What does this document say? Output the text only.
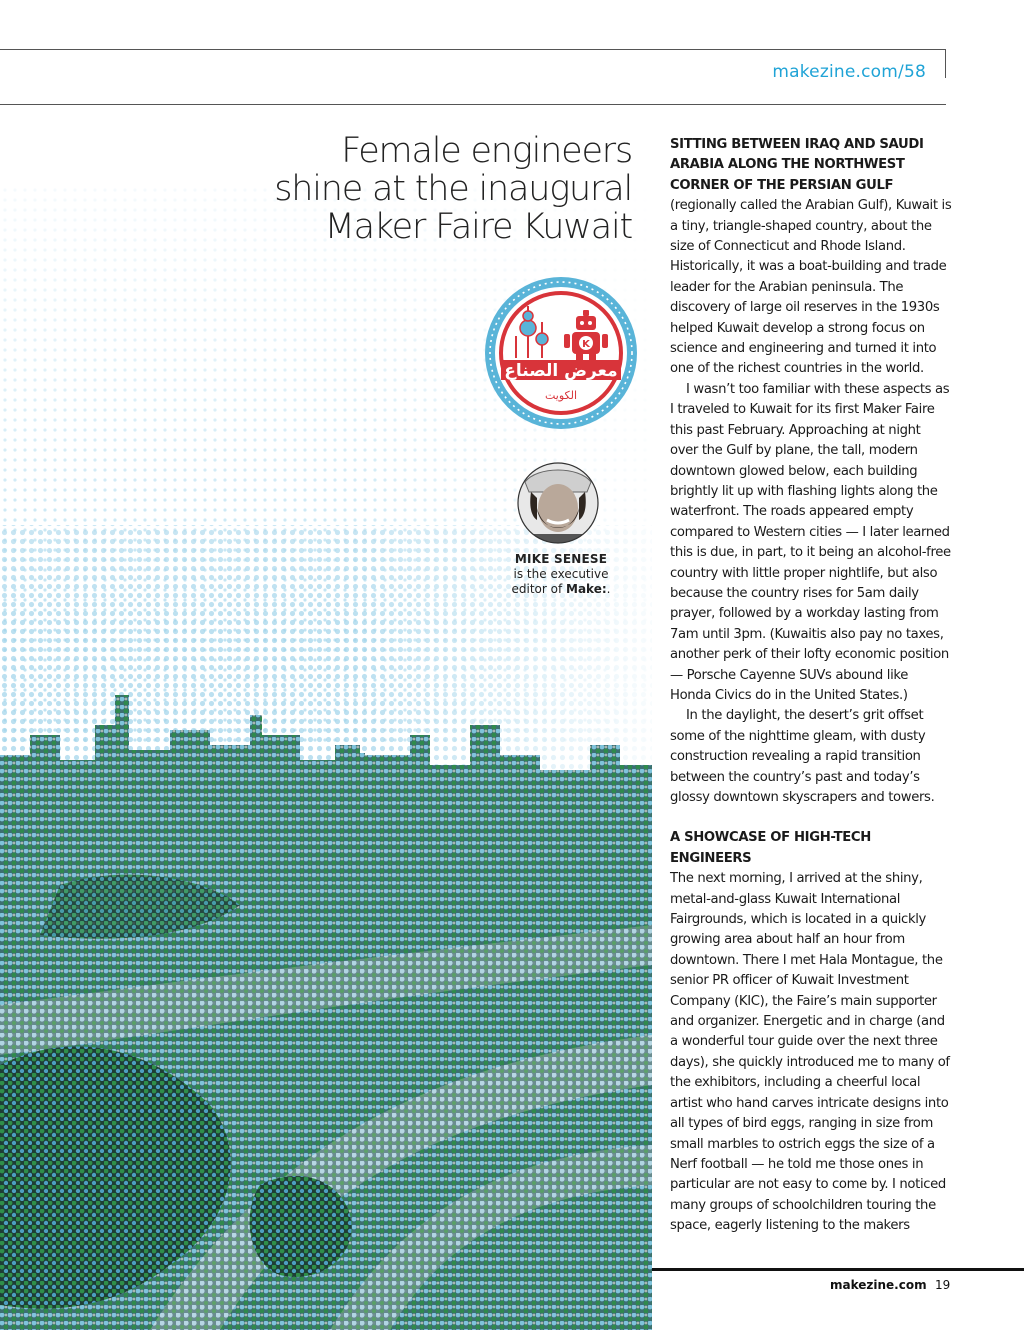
makezine.com/58
Female engineers
shine at the inaugural
Maker Faire Kuwait
K
معرض الصناع
الكويت
MIKE SENESE
is the executive
editor of Make:.

SITTING BETWEEN IRAQ AND SAUDI ARABIA ALONG THE NORTHWEST CORNER OF THE PERSIAN GULF (regionally called the Arabian Gulf), Kuwait is a tiny, triangle-shaped country, about the size of Connecticut and Rhode Island. Historically, it was a boat-building and trade leader for the Arabian peninsula. The discovery of large oil reserves in the 1930s helped Kuwait develop a strong focus on science and engineering and turned it into one of the richest countries in the world.

I wasn’t too familiar with these aspects as I traveled to Kuwait for its first Maker Faire this past February. Approaching at night over the Gulf by plane, the tall, modern downtown glowed below, each building brightly lit up with flashing lights along the waterfront. The roads appeared empty compared to Western cities — I later learned this is due, in part, to it being an alcohol-free country with little proper nightlife, but also because the country rises for 5am daily prayer, followed by a workday lasting from 7am until 3pm. (Kuwaitis also pay no taxes, another perk of their lofty economic position — Porsche Cayenne SUVs abound like Honda Civics do in the United States.)

In the daylight, the desert’s grit offset some of the nighttime gleam, with dusty construction revealing a rapid transition between the country’s past and today’s glossy downtown skyscrapers and towers.

A SHOWCASE OF HIGH-TECH ENGINEERS

The next morning, I arrived at the shiny, metal-and-glass Kuwait International Fairgrounds, which is located in a quickly growing area about half an hour from downtown. There I met Hala Montague, the senior PR officer of Kuwait Investment Company (KIC), the Faire’s main supporter and organizer. Energetic and in charge (and a wonderful tour guide over the next three days), she quickly introduced me to many of the exhibitors, including a cheerful local artist who hand carves intricate designs into all types of bird eggs, ranging in size from small marbles to ostrich eggs the size of a Nerf football — he told me those ones in particular are not easy to come by. I noticed many groups of schoolchildren touring the space, eagerly listening to the makers

makezine.com 19
